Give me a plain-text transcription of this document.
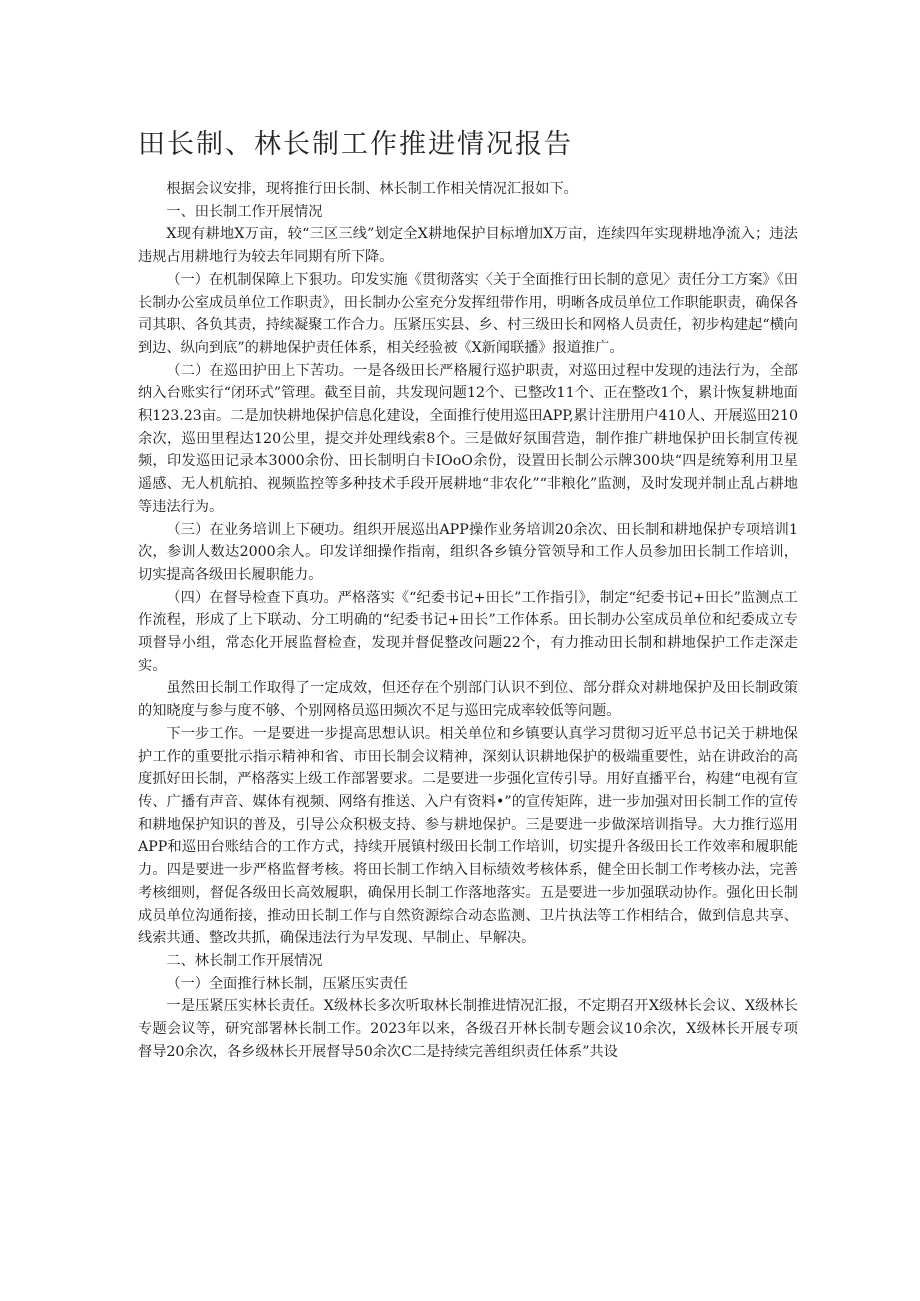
田长制、林长制工作推进情况报告

根据会议安排，现将推行田长制、林长制工作相关情况汇报如下。

一、田长制工作开展情况

X现有耕地X万亩，较“三区三线”划定全X耕地保护目标增加X万亩，连续四年实现耕地净流入；违法违规占用耕地行为较去年同期有所下降。

（一）在机制保障上下狠功。印发实施《贯彻落实〈关于全面推行田长制的意见〉责任分工方案》《田长制办公室成员单位工作职责》，田长制办公室充分发挥纽带作用，明晰各成员单位工作职能职责，确保各司其职、各负其责，持续凝聚工作合力。压紧压实县、乡、村三级田长和网格人员责任，初步构建起“横向到边、纵向到底”的耕地保护责任体系，相关经验被《X新闻联播》报道推广。

（二）在巡田护田上下苦功。一是各级田长严格履行巡护职责，对巡田过程中发现的违法行为，全部纳入台账实行“闭环式”管理。截至目前，共发现问题12个、已整改11个、正在整改1个，累计恢复耕地面积123.23亩。二是加快耕地保护信息化建设，全面推行使用巡田APP,累计注册用户410人、开展巡田210余次，巡田里程达120公里，提交并处理线索8个。三是做好氛围营造，制作推广耕地保护田长制宣传视频，印发巡田记录本3000余份、田长制明白卡IOoO余份，设置田长制公示牌300块“四是统筹利用卫星遥感、无人机航拍、视频监控等多种技术手段开展耕地“非农化”“非粮化”监测，及时发现并制止乱占耕地等违法行为。

（三）在业务培训上下硬功。组织开展巡出APP操作业务培训20余次、田长制和耕地保护专项培训1次，参训人数达2000余人。印发详细操作指南，组织各乡镇分管领导和工作人员参加田长制工作培训，切实提高各级田长履职能力。

（四）在督导检查下真功。严格落实《“纪委书记+田长”工作指引》，制定“纪委书记+田长”监测点工作流程，形成了上下联动、分工明确的“纪委书记+田长”工作体系。田长制办公室成员单位和纪委成立专项督导小组，常态化开展监督检查，发现并督促整改问题22个，有力推动田长制和耕地保护工作走深走实。

虽然田长制工作取得了一定成效，但还存在个别部门认识不到位、部分群众对耕地保护及田长制政策的知晓度与参与度不够、个别网格员巡田频次不足与巡田完成率较低等问题。

下一步工作。一是要进一步提高思想认识。相关单位和乡镇要认真学习贯彻习近平总书记关于耕地保护工作的重要批示指示精神和省、市田长制会议精神，深刻认识耕地保护的极端重要性，站在讲政治的高度抓好田长制，严格落实上级工作部署要求。二是要进一步强化宣传引导。用好直播平台，构建“电视有宣传、广播有声音、媒体有视频、网络有推送、入户有资料•”的宣传矩阵，进一步加强对田长制工作的宣传和耕地保护知识的普及，引导公众积极支持、参与耕地保护。三是要进一步做深培训指导。大力推行巡用APP和巡田台账结合的工作方式，持续开展镇村级田长制工作培训，切实提升各级田长工作效率和履职能力。四是要进一步严格监督考核。将田长制工作纳入目标绩效考核体系，健全田长制工作考核办法，完善考核细则，督促各级田长高效履职，确保用长制工作落地落实。五是要进一步加强联动协作。强化田长制成员单位沟通衔接，推动田长制工作与自然资源综合动态监测、卫片执法等工作相结合，做到信息共享、线索共通、整改共抓，确保违法行为早发现、早制止、早解决。

二、林长制工作开展情况

（一）全面推行林长制，压紧压实责任

一是压紧压实林长责任。X级林长多次听取林长制推进情况汇报，不定期召开X级林长会议、X级林长专题会议等，研究部署林长制工作。2023年以来，各级召开林长制专题会议10余次，X级林长开展专项督导20余次，各乡级林长开展督导50余次C二是持续完善组织责任体系”共设
